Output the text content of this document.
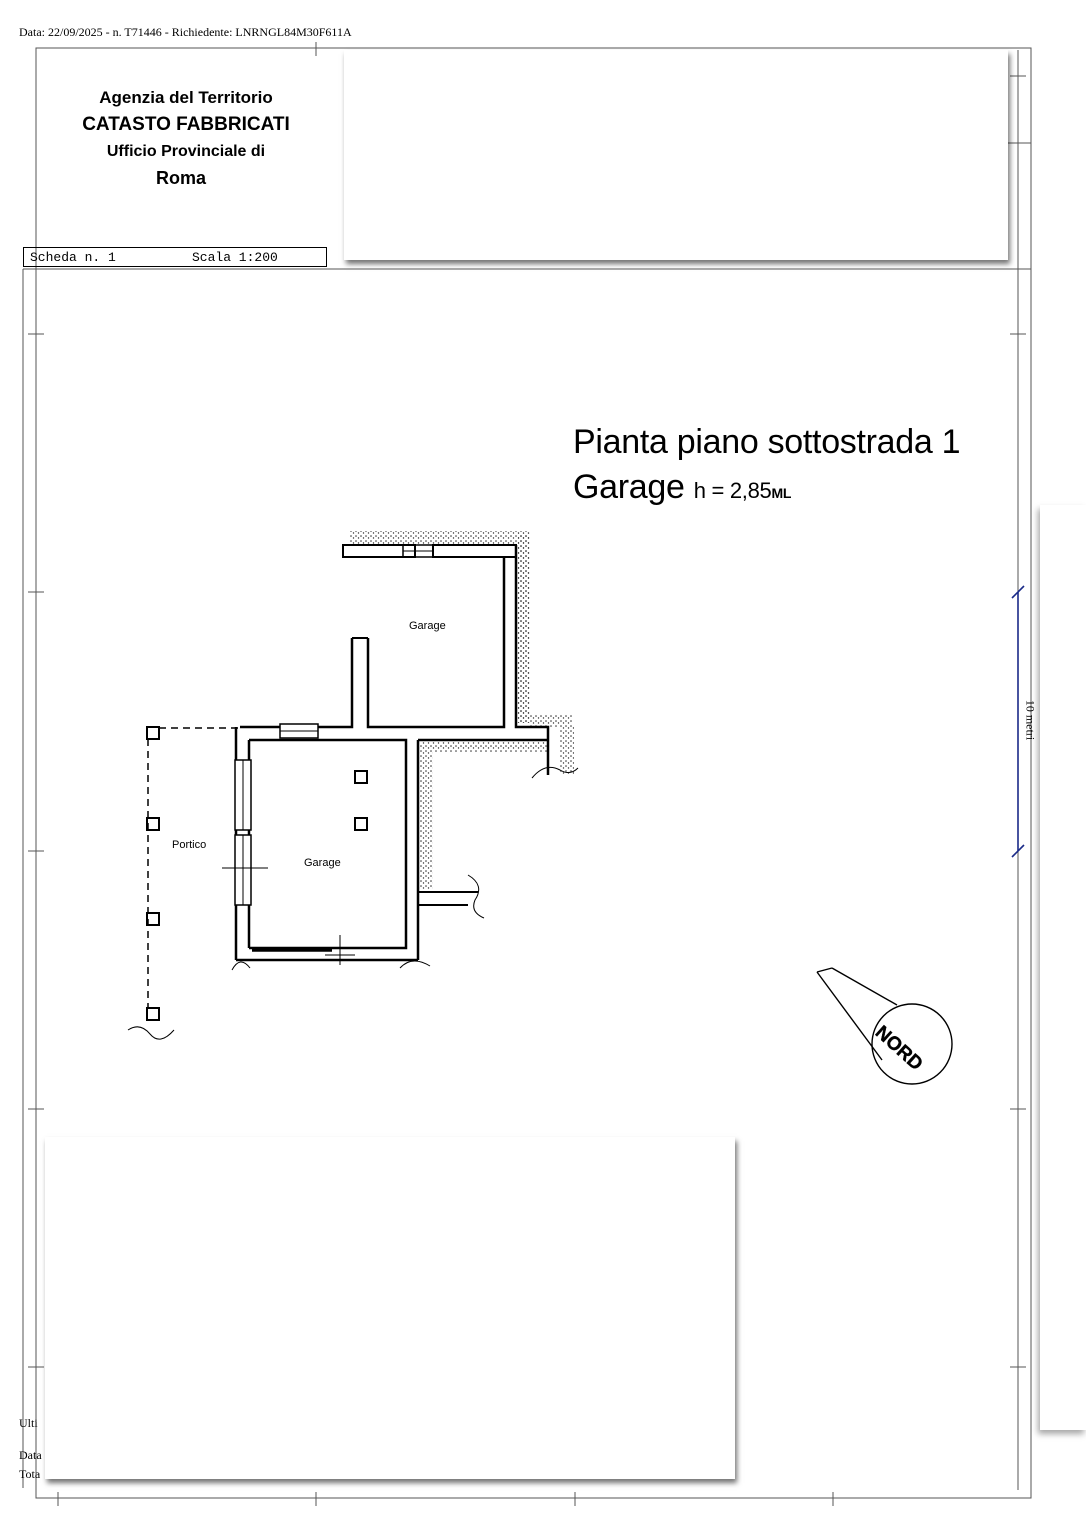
Data: 22/09/2025 - n. T71446 - Richiedente: LNRNGL84M30F611A
Agenzia del Territorio
CATASTO FABBRICATI
Ufficio Provinciale di
Roma
Scheda n. 1	Scala 1:200
Pianta piano sottostrada 1
Garage h = 2,85ML
10 metri
Garage
Garage
Portico
NORD
Ulti
Data
Tota
